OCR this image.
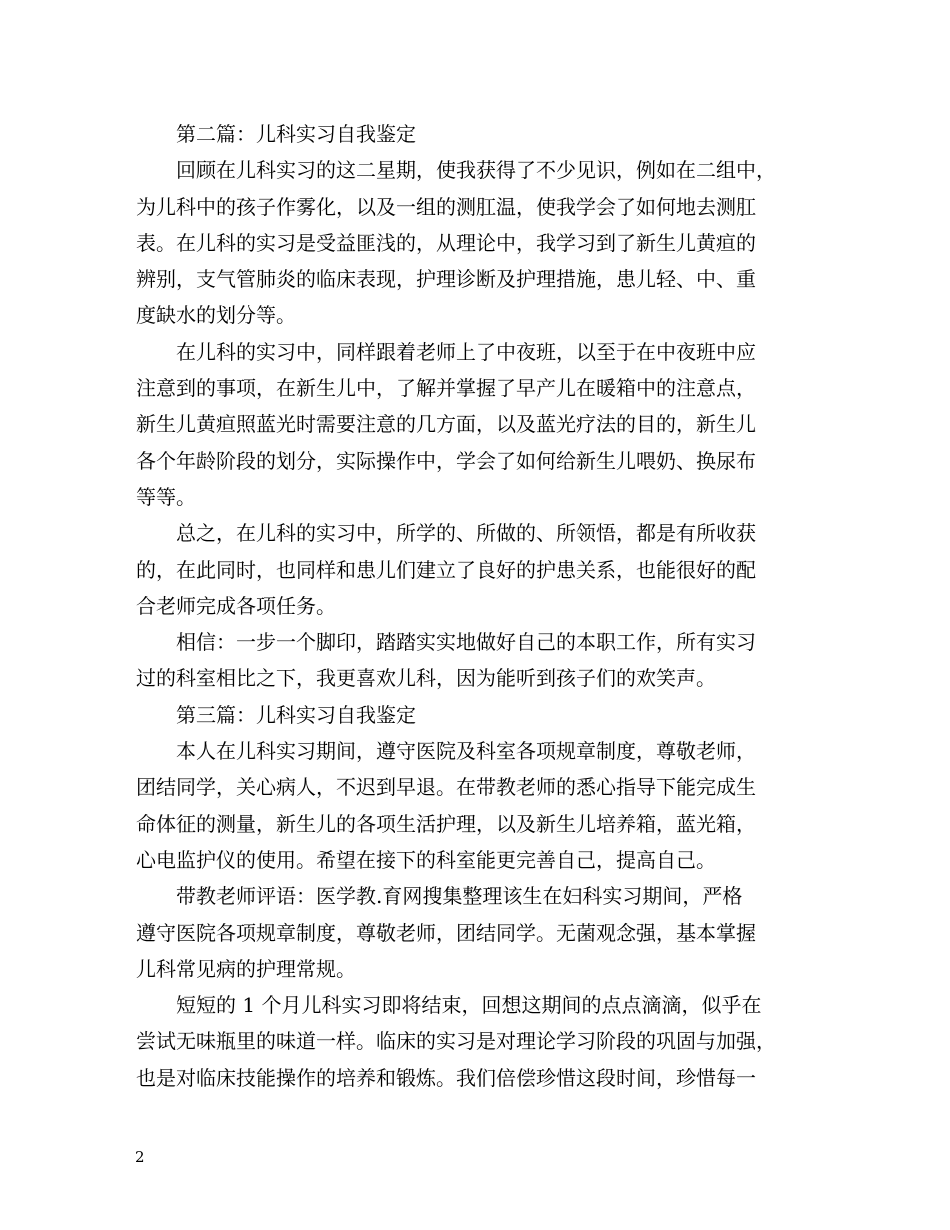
　　第二篇：儿科实习自我鉴定
　　回顾在儿科实习的这二星期，使我获得了不少见识，例如在二组中，
为儿科中的孩子作雾化，以及一组的测肛温，使我学会了如何地去测肛
表。在儿科的实习是受益匪浅的，从理论中，我学习到了新生儿黄疸的
辨别，支气管肺炎的临床表现，护理诊断及护理措施，患儿轻、中、重
度缺水的划分等。
　　在儿科的实习中，同样跟着老师上了中夜班，以至于在中夜班中应
注意到的事项，在新生儿中，了解并掌握了早产儿在暖箱中的注意点，
新生儿黄疸照蓝光时需要注意的几方面，以及蓝光疗法的目的，新生儿
各个年龄阶段的划分，实际操作中，学会了如何给新生儿喂奶、换尿布
等等。
　　总之，在儿科的实习中，所学的、所做的、所领悟，都是有所收获
的，在此同时，也同样和患儿们建立了良好的护患关系，也能很好的配
合老师完成各项任务。
　　相信：一步一个脚印，踏踏实实地做好自己的本职工作，所有实习
过的科室相比之下，我更喜欢儿科，因为能听到孩子们的欢笑声。
　　第三篇：儿科实习自我鉴定
　　本人在儿科实习期间，遵守医院及科室各项规章制度，尊敬老师，
团结同学，关心病人，不迟到早退。在带教老师的悉心指导下能完成生
命体征的测量，新生儿的各项生活护理，以及新生儿培养箱，蓝光箱，
心电监护仪的使用。希望在接下的科室能更完善自己，提高自己。
　　带教老师评语：医学教.育网搜集整理该生在妇科实习期间，严格
遵守医院各项规章制度，尊敬老师，团结同学。无菌观念强，基本掌握
儿科常见病的护理常规。
　　短短的 1 个月儿科实习即将结束，回想这期间的点点滴滴，似乎在
尝试无味瓶里的味道一样。临床的实习是对理论学习阶段的巩固与加强，
也是对临床技能操作的培养和锻炼。我们倍偿珍惜这段时间，珍惜每一
2
